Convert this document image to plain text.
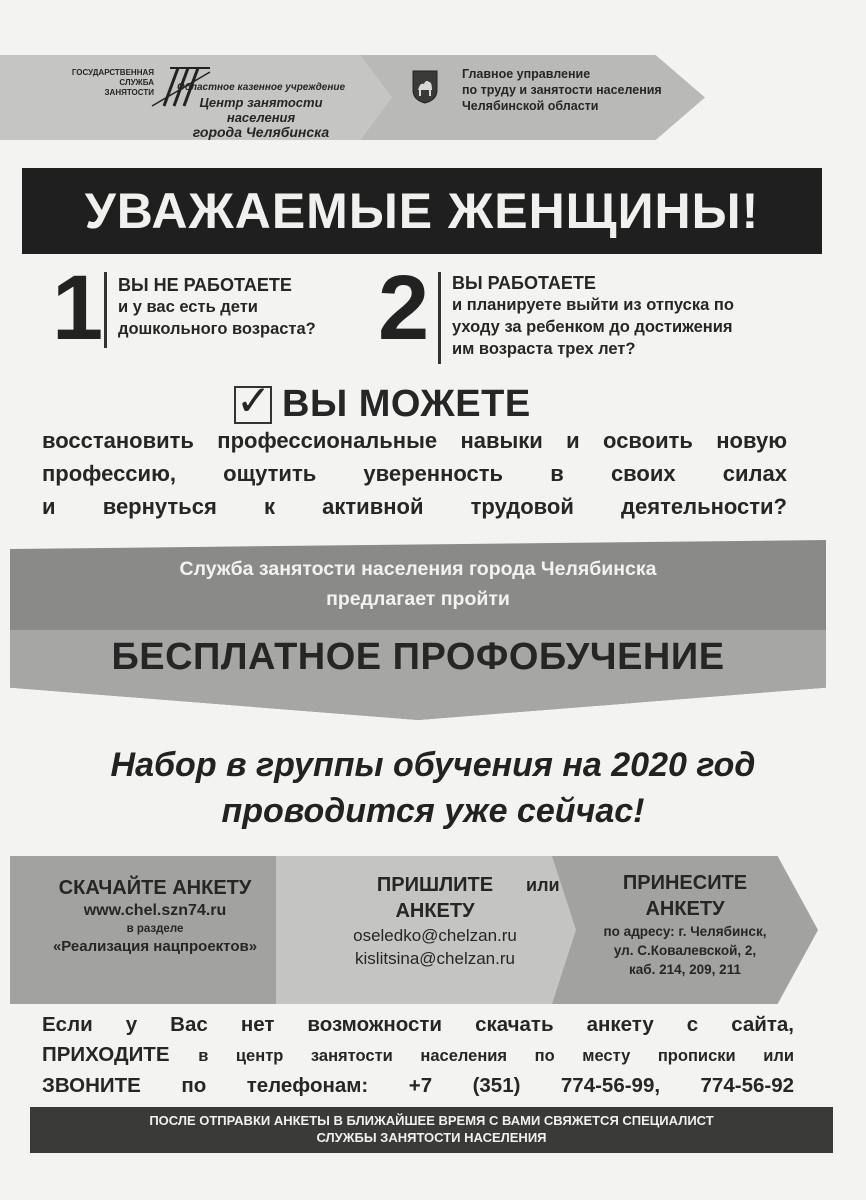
ГОСУДАРСТВЕННАЯ
СЛУЖБА
ЗАНЯТОСТИ	Областное казенное учреждение
Центр занятости населения
города Челябинска
Главное управление
по труду и занятости населения
Челябинской области
УВАЖАЕМЫЕ ЖЕНЩИНЫ!
1 ВЫ НЕ РАБОТАЕТЕ
и у вас есть дети
дошкольного возраста? 2 ВЫ РАБОТАЕТЕ
и планируете выйти из отпуска по
уходу за ребенком до достижения
им возраста трех лет?
✓ ВЫ МОЖЕТЕ
восстановить профессиональные навыки и освоить новую
профессию, ощутить уверенность в своих силах
и вернуться к активной трудовой деятельности?
Служба занятости населения города Челябинска
предлагает пройти
БЕСПЛАТНОЕ ПРОФОБУЧЕНИЕ
Набор в группы обучения на 2020 год
проводится уже сейчас!
СКАЧАЙТЕ АНКЕТУ
www.chel.szn74.ru
в разделе
«Реализация нацпроектов»
ПРИШЛИТЕ	или
АНКЕТУ
oseledko@chelzan.ru
kislitsina@chelzan.ru
ПРИНЕСИТЕ
АНКЕТУ
по адресу: г. Челябинск,
ул. С.Ковалевской, 2,
каб. 214, 209, 211
Если у Вас нет возможности скачать анкету с сайта,
ПРИХОДИТЕ в центр занятости населения по месту прописки или
ЗВОНИТЕ по телефонам: +7 (351) 774-56-99, 774-56-92
ПОСЛЕ ОТПРАВКИ АНКЕТЫ В БЛИЖАЙШЕЕ ВРЕМЯ С ВАМИ СВЯЖЕТСЯ СПЕЦИАЛИСТ
СЛУЖБЫ ЗАНЯТОСТИ НАСЕЛЕНИЯ
